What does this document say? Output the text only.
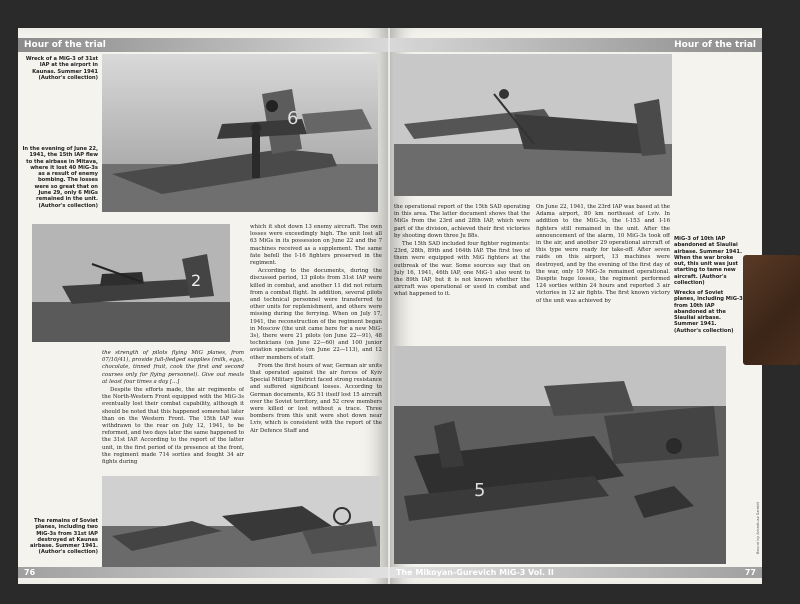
Hour of the trial
6
Wreck of a MiG-3 of 31st IAP at the airport in Kaunas. Summer 1941 (Author's collection)
In the evening of June 22, 1941, the 15th IAP flew to the airbase in Mitava, where it lost 40 MiG-3s as a result of enemy bombing. The losses were so great that on June 29, only 6 MiGs remained in the unit. (Author's collection)
2

the strength of pilots flying MiG planes, from 07/10/41), provide full-fledged supplies (milk, eggs, chocolate, tinned fruit, cook the first and second courses only for flying personnel). Give out meals at least four times a day [...]

Despite the efforts made, the air regiments of the North-Western Front equipped with the MiG-3s eventually lost their combat capability, although it should be noted that this happened somewhat later than on the Western Front. The 15th IAP was withdrawn to the rear on July 12, 1941, to be reformed, and two days later the same happened to the 31st IAP. According to the report of the latter unit, in the first period of its presence at the front, the regiment made 714 sorties and fought 34 air fights during

which it shot down 13 enemy aircraft. The own losses were exceedingly high. The unit lost all 63 MiGs in its possession on June 22 and the 7 machines received as a supplement. The same fate befell the I-16 fighters preserved in the regiment.

According to the documents, during the discussed period, 13 pilots from 31st IAP were killed in combat, and another 11 did not return from a combat flight. In addition, several pilots and technical personnel were transferred to other units for replenishment, and others were missing during the ferrying. When on July 17, 1941, the reconstruction of the regiment began in Moscow (the unit came here for a new MiG-3s), there were 21 pilots (on June 22—91), 48 technicians (on June 22—60) and 100 junior aviation specialists (on June 22—113), and 12 other members of staff.

From the first hours of war, German air units that operated against the air forces of Kyiv Special Military District faced strong resistance and suffered significant losses. According to German documents, KG 51 itself lost 15 aircraft over the Soviet territory, and 52 crew members were killed or lost without a trace. Three bombers from this unit were shot down near Lviv, which is consistent with the report of the Air Defence Staff and

The remains of Soviet planes, including two MiG-3s from 31st IAP destroyed at Kaunas airbase. Summer 1941. (Author's collection)
76
Hour of the trial
MiG-3 of 10th IAP abandoned at Siauliai airbase. Summer 1941. When the war broke out, this unit was just starting to tame new aircraft. (Author's collection)

the operational report of the 15th SAD operating in this area. The latter document shows that the MiGs from the 23rd and 28th IAP, which were part of the division, achieved their first victories by shooting down three Ju 88s.

The 15th SAD included four fighter regiments: 23rd, 28th, 89th and 164th IAP. The first two of them were equipped with MiG fighters at the outbreak of the war. Some sources say that on July 16, 1941, 46th IAP, one MiG-1 also went to the 89th IAP, but it is not known whether the aircraft was operational or used in combat and what happened to it.

On June 22, 1941, the 23rd IAP was based at the Adama airport, 80 km northeast of Lviv. In addition to the MiG-3s, the I-153 and I-16 fighters still remained in the unit. After the announcement of the alarm, 10 MiG-3s took off in the air, and another 29 operational aircraft of this type were ready for take-off. After seven raids on this airport, 13 machines were destroyed, and by the evening of the first day of the war, only 19 MiG-3s remained operational. Despite huge losses, the regiment performed 124 sorties within 24 hours and reported 3 air victories in 12 air fights. The first known victory of the unit was achieved by

Wrecks of Soviet planes, including MiG-3 from 10th IAP abandoned at the Siauliai airbase. Summer 1941. (Author's collection)
5
The Mikoyan-Gurevich MiG-3 Vol. II	77
Bound by Arkadiusz Szmidt
